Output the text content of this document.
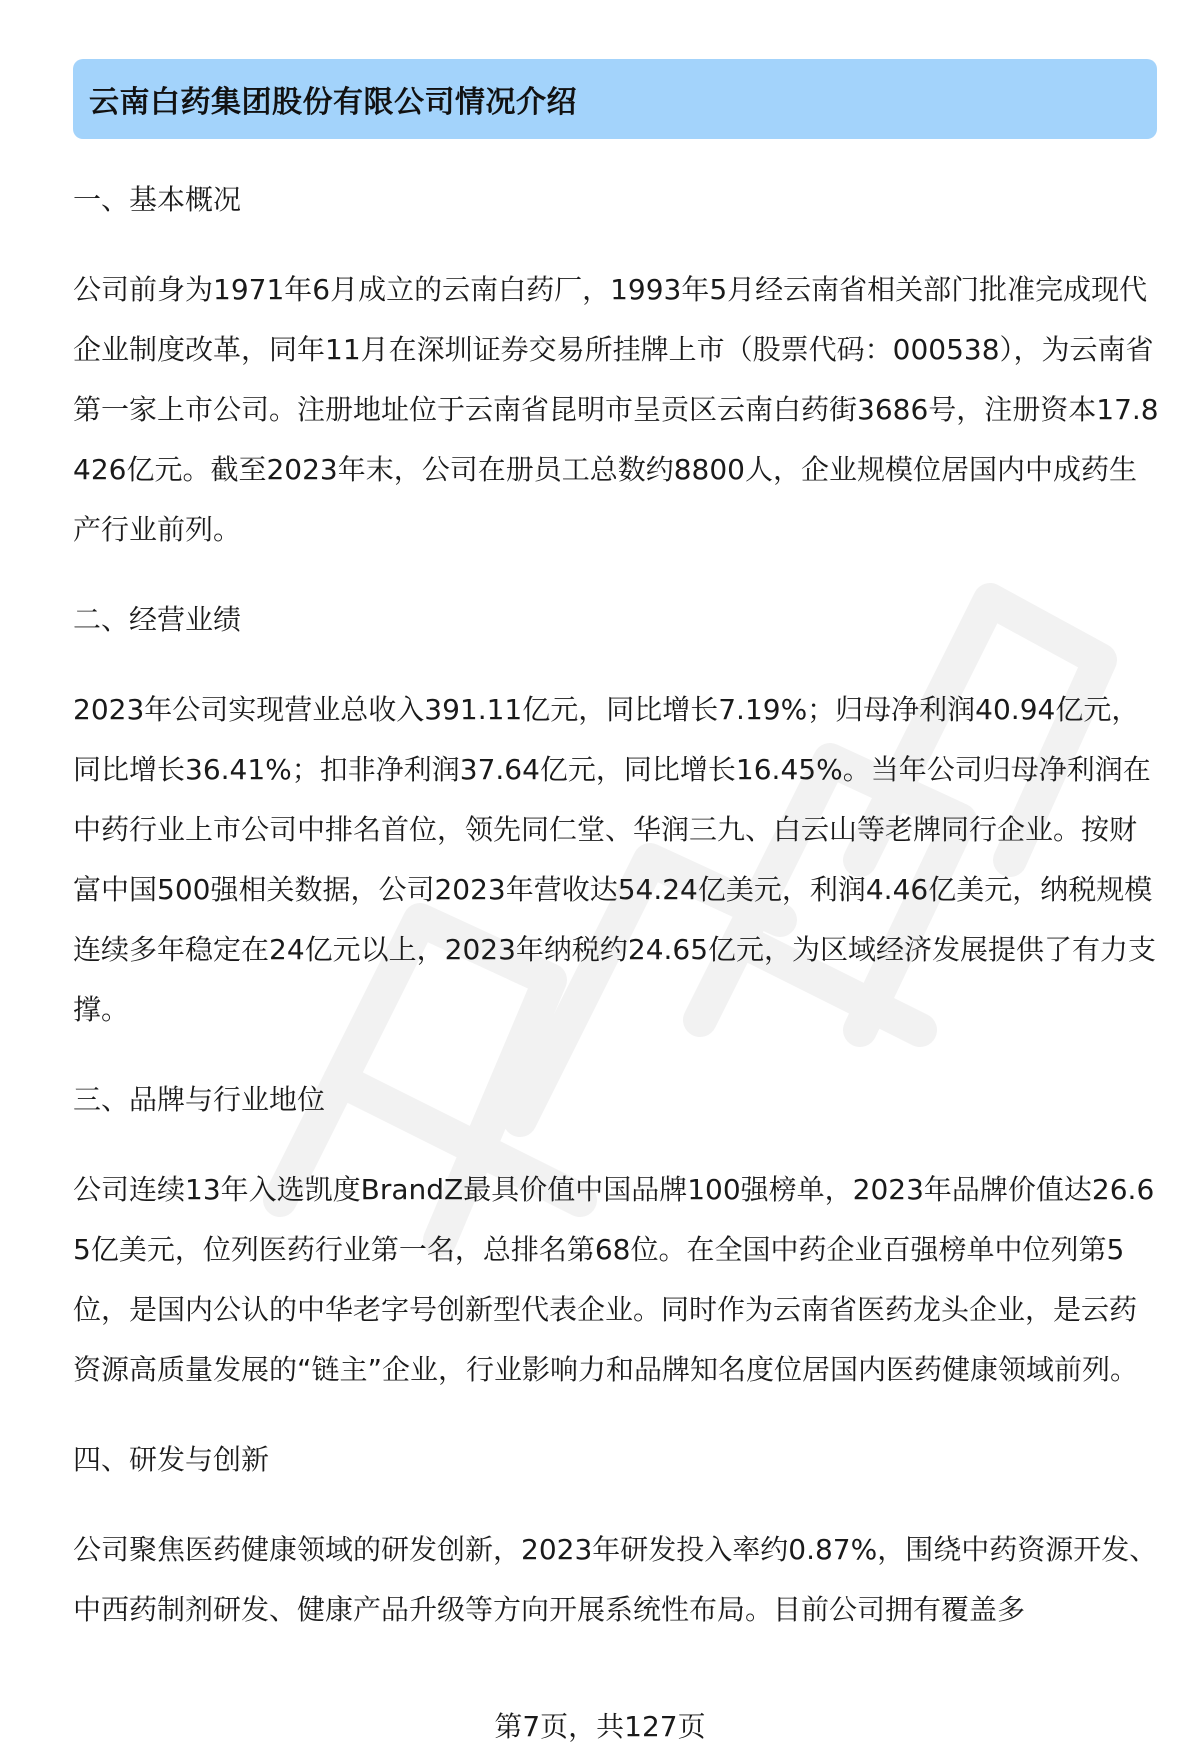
云南白药集团股份有限公司情况介绍
一、基本概况

公司前身为1971年6月成立的云南白药厂，1993年5月经云南省相关部门批准完成现代企业制度改革，同年11月在深圳证券交易所挂牌上市（股票代码：000538），为云南省第一家上市公司。注册地址位于云南省昆明市呈贡区云南白药街3686号，注册资本17.8426亿元。截至2023年末，公司在册员工总数约8800人，企业规模位居国内中成药生产行业前列。

二、经营业绩

2023年公司实现营业总收入391.11亿元，同比增长7.19%；归母净利润40.94亿元，同比增长36.41%；扣非净利润37.64亿元，同比增长16.45%。当年公司归母净利润在中药行业上市公司中排名首位，领先同仁堂、华润三九、白云山等老牌同行企业。按财富中国500强相关数据，公司2023年营收达54.24亿美元，利润4.46亿美元，纳税规模连续多年稳定在24亿元以上，2023年纳税约24.65亿元，为区域经济发展提供了有力支撑。

三、品牌与行业地位

公司连续13年入选凯度BrandZ最具价值中国品牌100强榜单，2023年品牌价值达26.65亿美元，位列医药行业第一名，总排名第68位。在全国中药企业百强榜单中位列第5位，是国内公认的中华老字号创新型代表企业。同时作为云南省医药龙头企业，是云药资源高质量发展的“链主”企业，行业影响力和品牌知名度位居国内医药健康领域前列。

四、研发与创新

公司聚焦医药健康领域的研发创新，2023年研发投入率约0.87%，围绕中药资源开发、中西药制剂研发、健康产品升级等方向开展系统性布局。目前公司拥有覆盖多

第7页，共127页
